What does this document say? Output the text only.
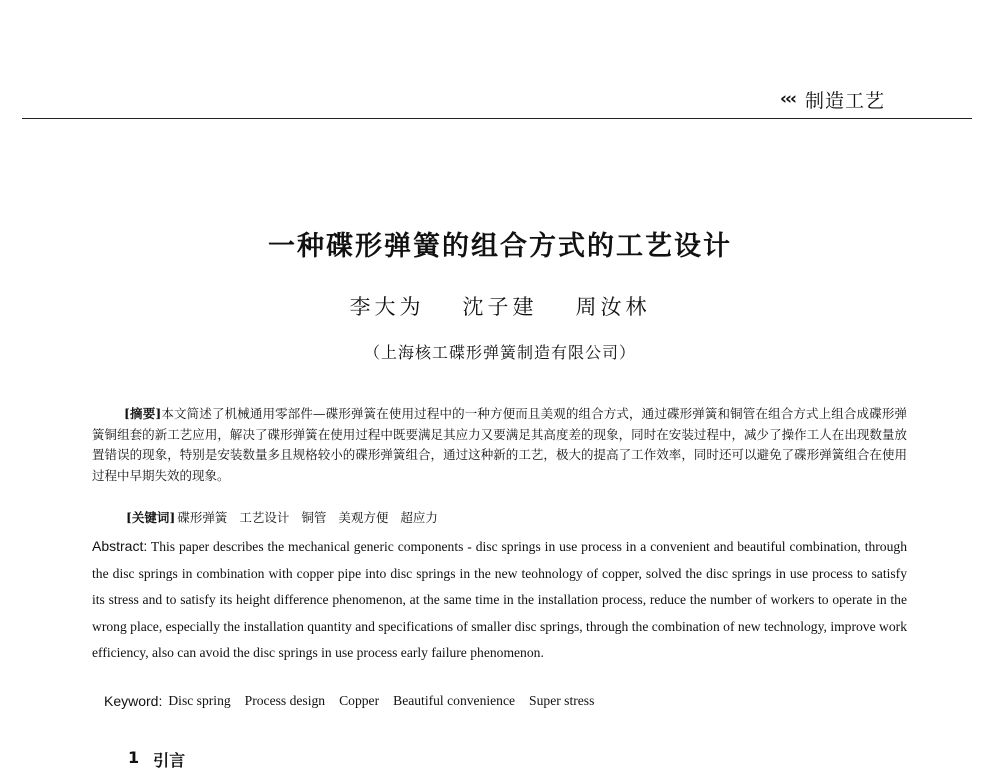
‹‹‹ 制造工艺
一种碟形弹簧的组合方式的工艺设计
李大为 沈子建 周汝林
（上海核工碟形弹簧制造有限公司）

[摘要]本文简述了机械通用零部件—碟形弹簧在使用过程中的一种方便而且美观的组合方式，通过碟形弹簧和铜管在组合方式上组合成碟形弹簧铜组套的新工艺应用，解决了碟形弹簧在使用过程中既要满足其应力又要满足其高度差的现象，同时在安装过程中，减少了操作工人在出现数量放置错误的现象，特别是安装数量多且规格较小的碟形弹簧组合，通过这种新的工艺，极大的提高了工作效率，同时还可以避免了碟形弹簧组合在使用过程中早期失效的现象。

[关键词] 碟形弹簧 工艺设计 铜管 美观方便 超应力

Abstract: This paper describes the mechanical generic components - disc springs in use process in a convenient and beautiful combination, through the disc springs in combination with copper pipe into disc springs in the new teohnology of copper, solved the disc springs in use process to satisfy its stress and to satisfy its height difference phenomenon, at the same time in the installation process, reduce the number of workers to operate in the wrong place, especially the installation quantity and specifications of smaller disc springs, through the combination of new technology, improve work efficiency, also can avoid the disc springs in use process early failure phenomenon.

Keyword: Disc spring Process design Copper Beautiful convenience Super stress
1 引言
